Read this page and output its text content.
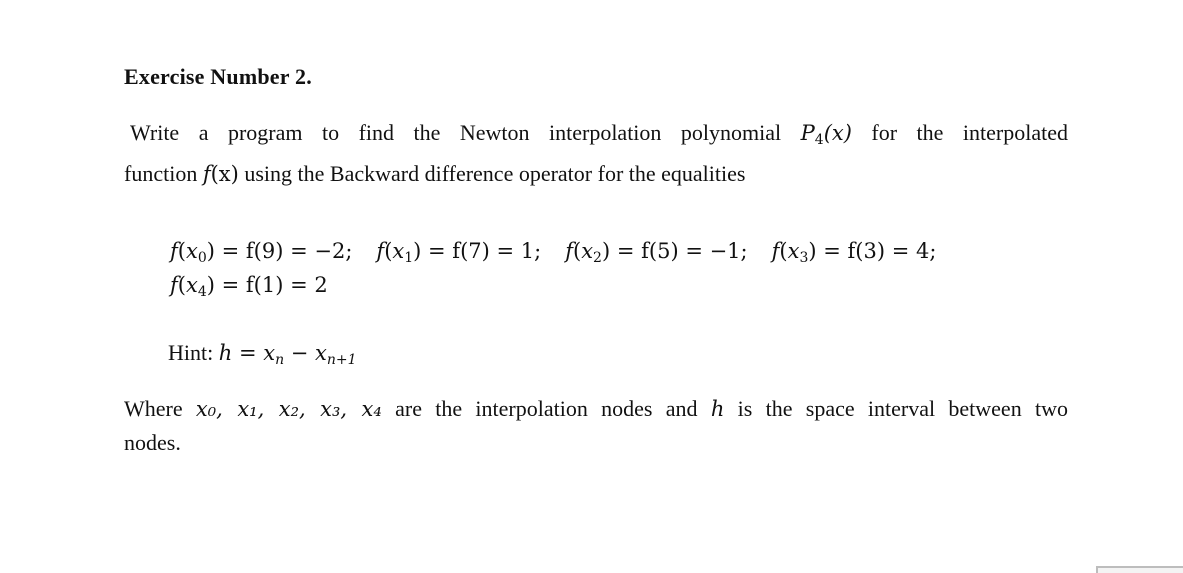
Exercise Number 2.
Write a program to find the Newton interpolation polynomial $P_4(x)$ for the interpolated
function f(x) using the Backward difference operator for the equalities
$f(x_0) = f(9) = -2$; $f(x_1) = f(7) = 1$; $f(x_2) = f(5) = -1$; $f(x_3) = f(3) = 4$;
$f(x_4) = f(1) = 2$
Hint: $h = x_n - x_{n+1}$
Where x₀, x₁, x₂, x₃, x₄ are the interpolation nodes and h is the space interval between two
nodes.
